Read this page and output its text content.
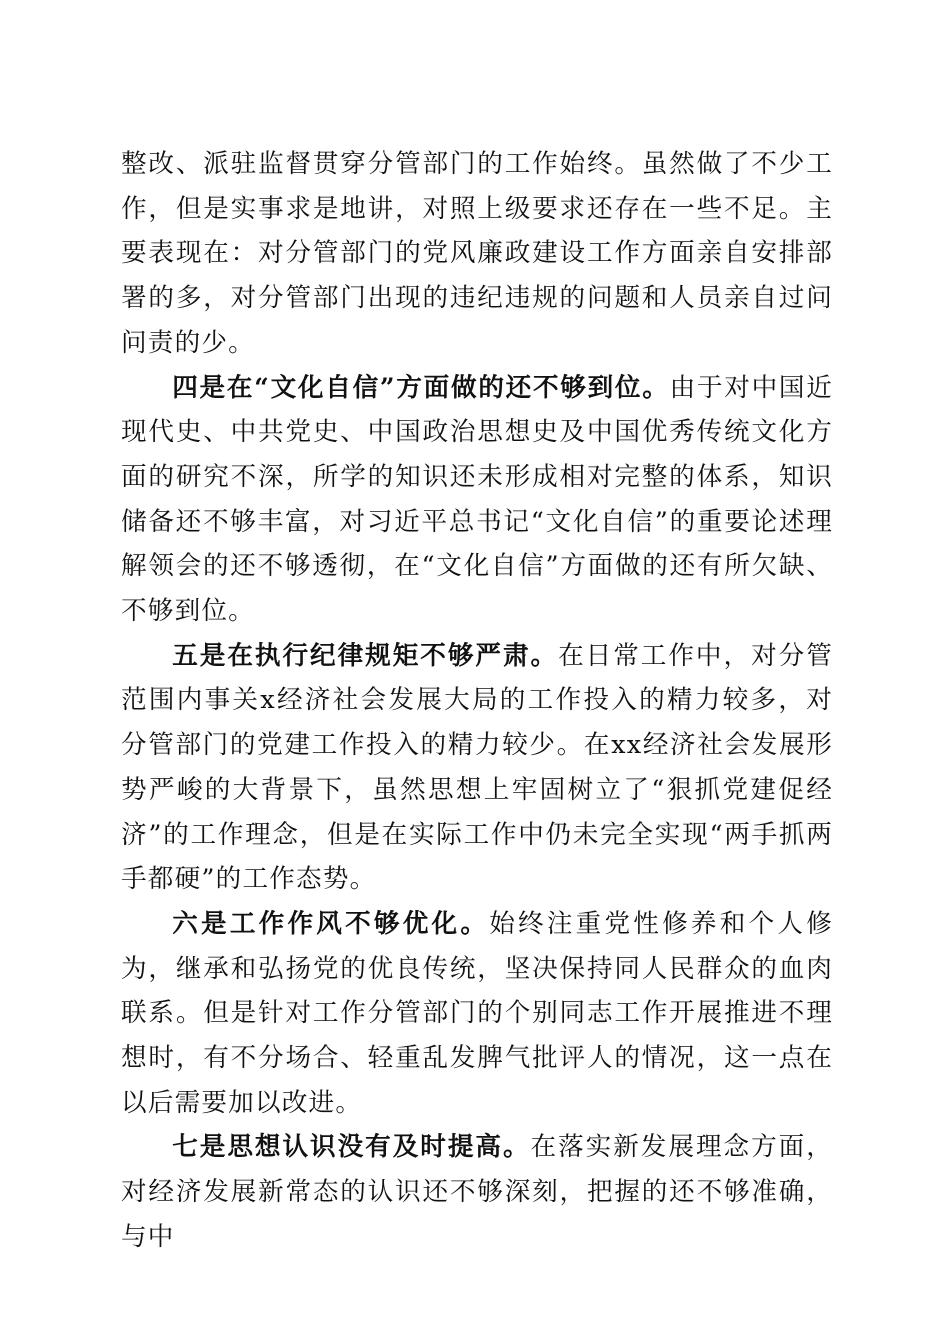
整改、派驻监督贯穿分管部门的工作始终。虽然做了不少工作，但是实事求是地讲，对照上级要求还存在一些不足。主要表现在：对分管部门的党风廉政建设工作方面亲自安排部署的多，对分管部门出现的违纪违规的问题和人员亲自过问问责的少。

四是在“文化自信”方面做的还不够到位。由于对中国近现代史、中共党史、中国政治思想史及中国优秀传统文化方面的研究不深，所学的知识还未形成相对完整的体系，知识储备还不够丰富，对习近平总书记“文化自信”的重要论述理解领会的还不够透彻，在“文化自信”方面做的还有所欠缺、不够到位。

五是在执行纪律规矩不够严肃。在日常工作中，对分管范围内事关x经济社会发展大局的工作投入的精力较多，对分管部门的党建工作投入的精力较少。在xx经济社会发展形势严峻的大背景下，虽然思想上牢固树立了“狠抓党建促经济”的工作理念，但是在实际工作中仍未完全实现“两手抓两手都硬”的工作态势。

六是工作作风不够优化。始终注重党性修养和个人修为，继承和弘扬党的优良传统，坚决保持同人民群众的血肉联系。但是针对工作分管部门的个别同志工作开展推进不理想时，有不分场合、轻重乱发脾气批评人的情况，这一点在以后需要加以改进。

七是思想认识没有及时提高。在落实新发展理念方面，对经济发展新常态的认识还不够深刻，把握的还不够准确，与中
